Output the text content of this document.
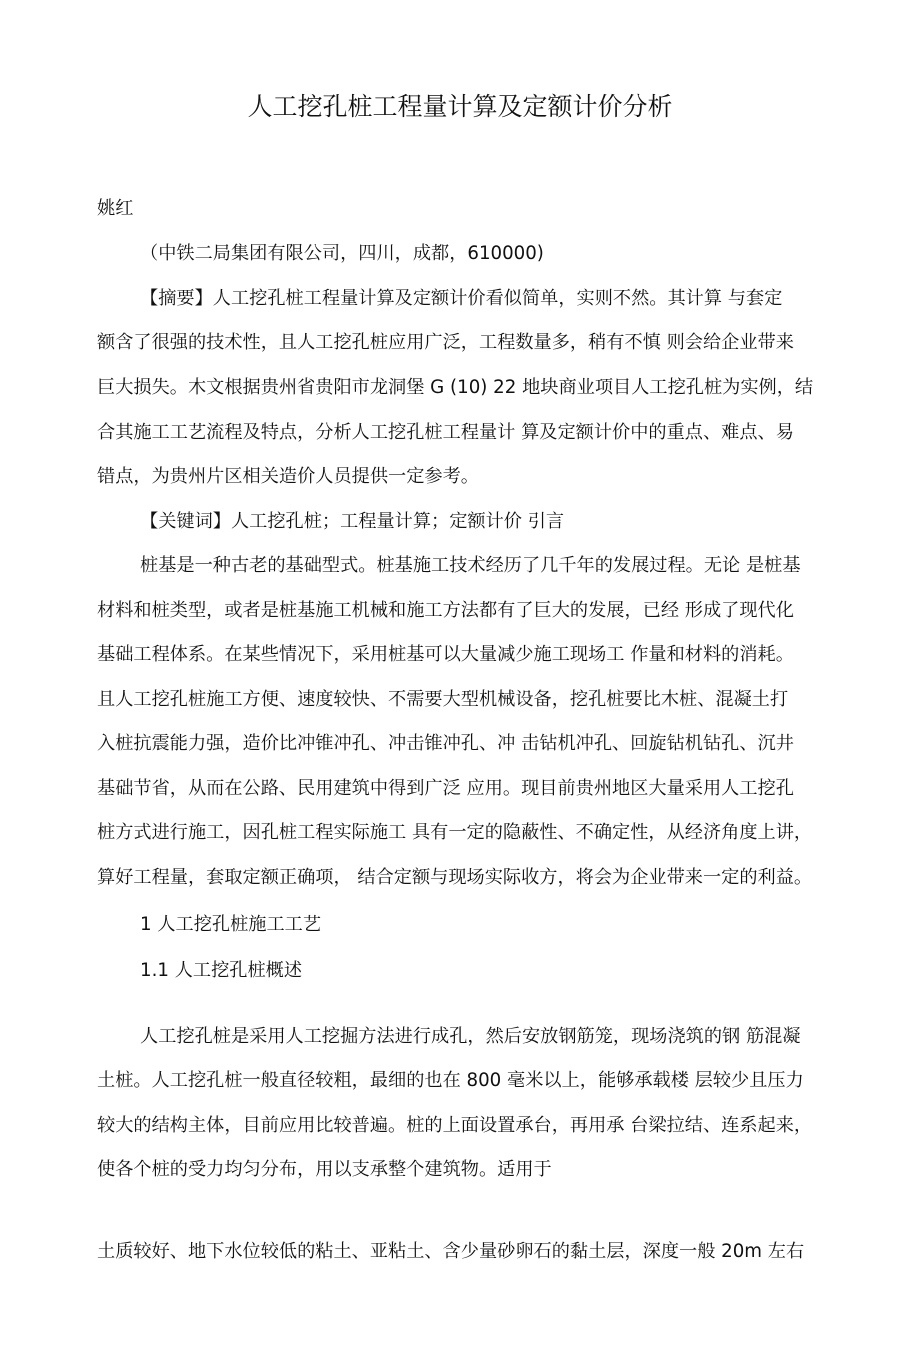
人工挖孔桩工程量计算及定额计价分析

姚红

（中铁二局集团有限公司，四川，成都，610000)

【摘要】人工挖孔桩工程量计算及定额计价看似简单，实则不然。其计算 与套定

额含了很强的技术性，且人工挖孔桩应用广泛，工程数量多，稍有不慎 则会给企业带来

巨大损失。木文根据贵州省贵阳市龙洞堡 G (10) 22 地块商业项目人工挖孔桩为实例，结

合其施工工艺流程及特点，分析人工挖孔桩工程量计 算及定额计价中的重点、难点、易

错点，为贵州片区相关造价人员提供一定参考。

【关键词】人工挖孔桩；工程量计算；定额计价 引言

桩基是一种古老的基础型式。桩基施工技术经历了几千年的发展过程。无论 是桩基

材料和桩类型，或者是桩基施工机械和施工方法都有了巨大的发展，已经 形成了现代化

基础工程体系。在某些情况下，采用桩基可以大量减少施工现场工 作量和材料的消耗。

且人工挖孔桩施工方便、速度较快、不需要大型机械设备，挖孔桩要比木桩、混凝土打

入桩抗震能力强，造价比冲锥冲孔、冲击锥冲孔、冲 击钻机冲孔、回旋钻机钻孔、沉井

基础节省，从而在公路、民用建筑中得到广泛 应用。现目前贵州地区大量采用人工挖孔

桩方式进行施工，因孔桩工程实际施工 具有一定的隐蔽性、不确定性，从经济角度上讲，

算好工程量，套取定额正确项， 结合定额与现场实际收方，将会为企业带来一定的利益。

1 人工挖孔桩施工工艺

1.1 人工挖孔桩概述

人工挖孔桩是采用人工挖掘方法进行成孔，然后安放钢筋笼，现场浇筑的钢 筋混凝

土桩。人工挖孔桩一般直径较粗，最细的也在 800 毫米以上，能够承载楼 层较少且压力

较大的结构主体，目前应用比较普遍。桩的上面设置承台，再用承 台梁拉结、连系起来，

使各个桩的受力均匀分布，用以支承整个建筑物。适用于

土质较好、地下水位较低的粘土、亚粘土、含少量砂卵石的黏土层，深度一般 20m 左右
